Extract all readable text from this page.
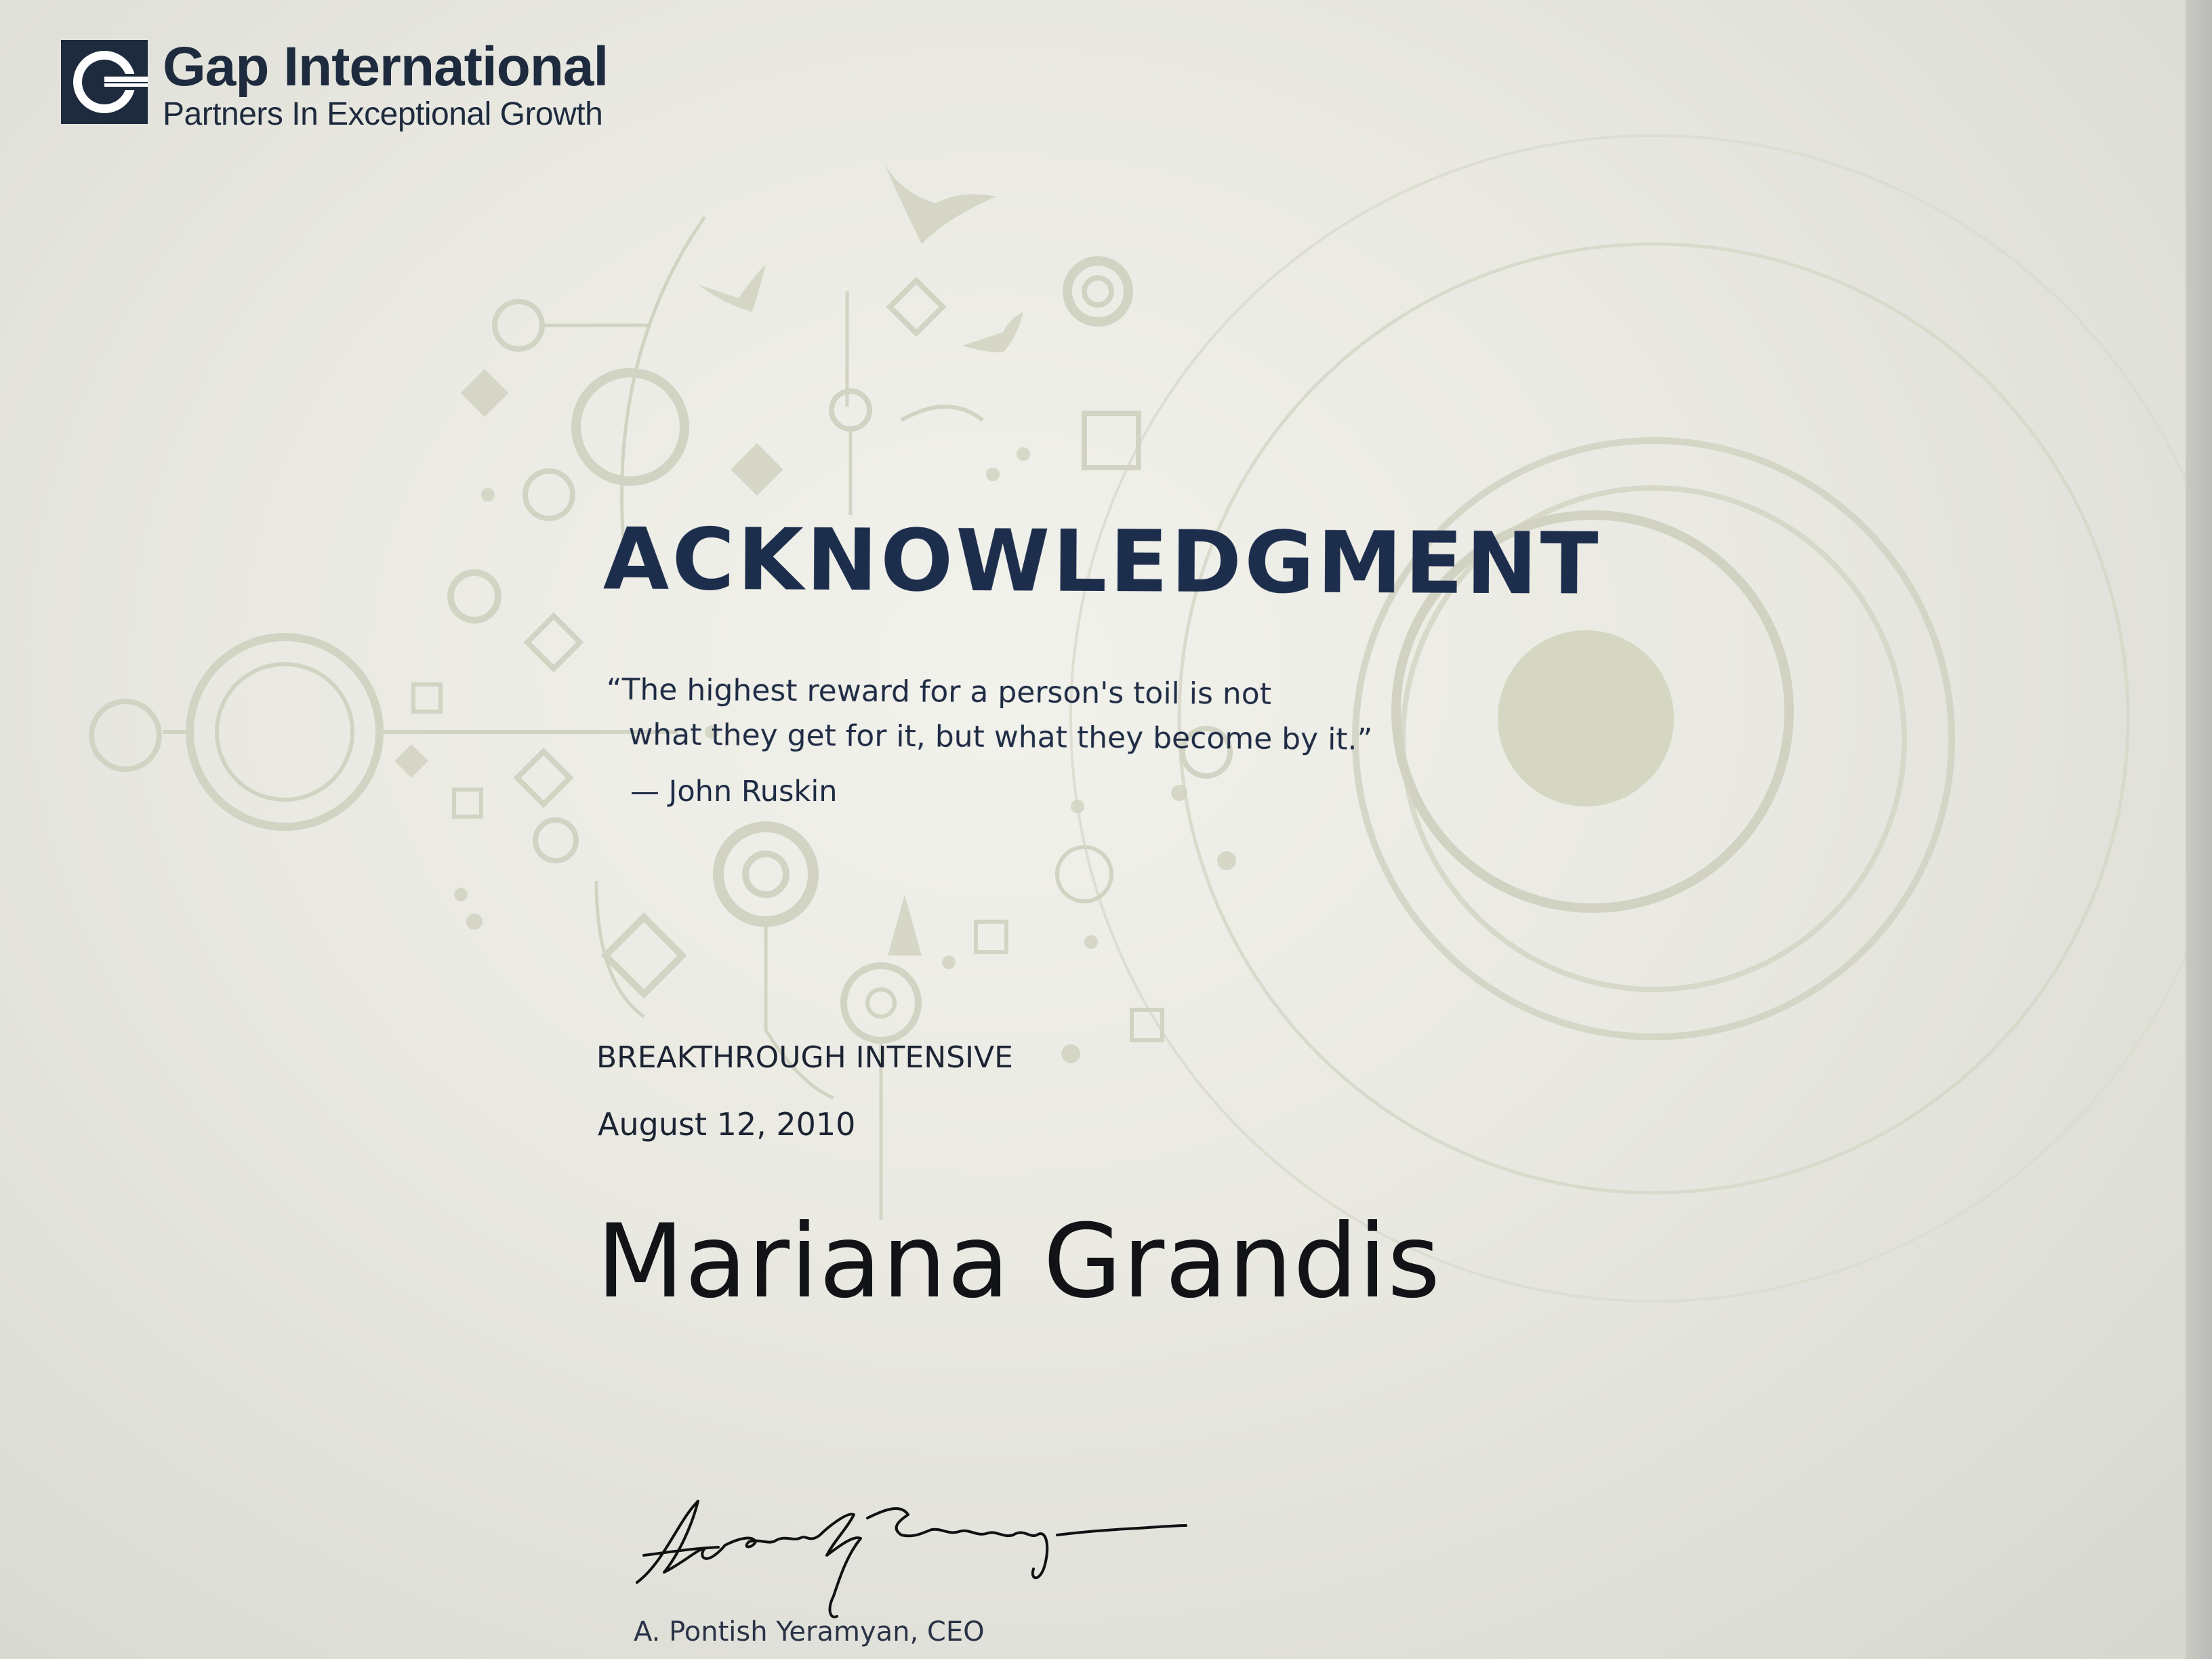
Gap International
Partners In Exceptional Growth
ACKNOWLEDGMENT
“The highest reward for a person's toil is not
what they get for it, but what they become by it.”
— John Ruskin
BREAKTHROUGH INTENSIVE
August 12, 2010
Mariana Grandis
A. Pontish Yeramyan, CEO
